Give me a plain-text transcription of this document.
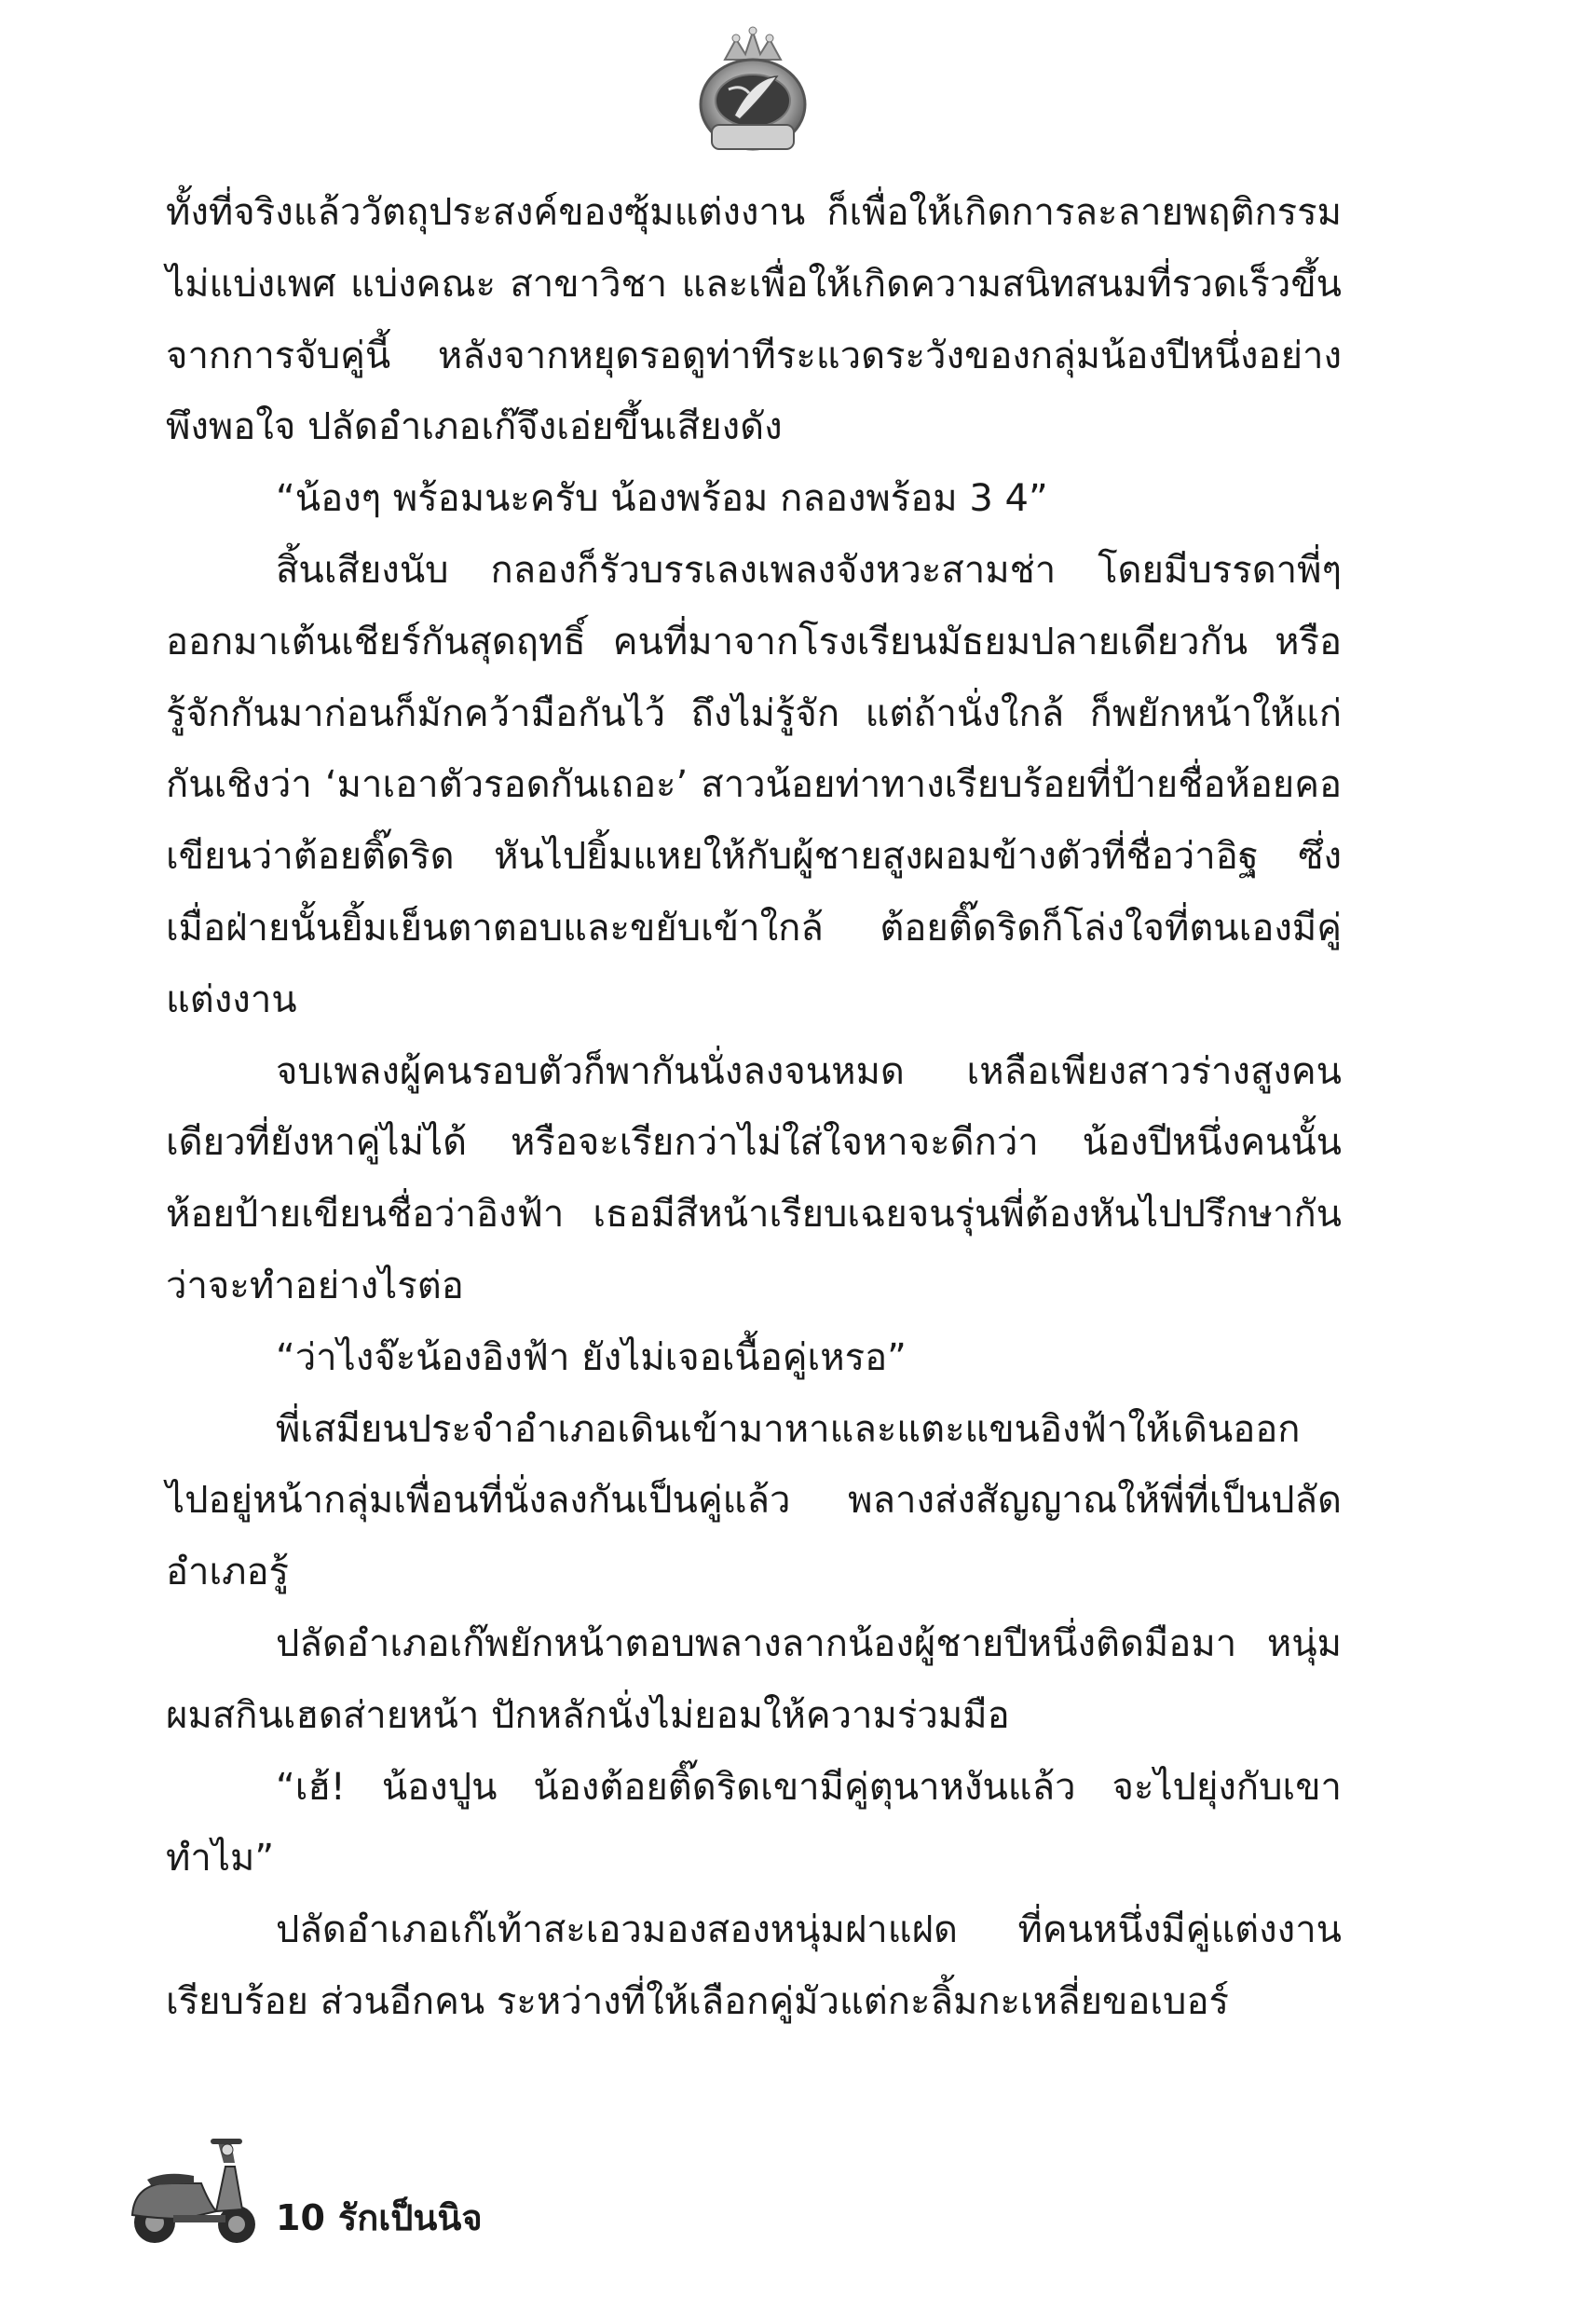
ทั้งที่จริงแล้ววัตถุประสงค์ของซุ้มแต่งงาน ก็เพื่อให้เกิดการละลายพฤติกรรม ไม่แบ่งเพศ แบ่งคณะ สาขาวิชา และเพื่อให้เกิดความสนิทสนมที่รวดเร็วขึ้นจากการจับคู่นี้ หลังจากหยุดรอดูท่าทีระแวดระวังของกลุ่มน้องปีหนึ่งอย่างพึงพอใจ ปลัดอำเภอเก๊จึงเอ่ยขึ้นเสียงดัง

“น้องๆ พร้อมนะครับ น้องพร้อม กลองพร้อม 3 4”

สิ้นเสียงนับ กลองก็รัวบรรเลงเพลงจังหวะสามช่า โดยมีบรรดาพี่ๆ ออกมาเต้นเชียร์กันสุดฤทธิ์ คนที่มาจากโรงเรียนมัธยมปลายเดียวกัน หรือรู้จักกันมาก่อนก็มักคว้ามือกันไว้ ถึงไม่รู้จัก แต่ถ้านั่งใกล้ ก็พยักหน้าให้แก่กันเชิงว่า ‘มาเอาตัวรอดกันเถอะ’ สาวน้อยท่าทางเรียบร้อยที่ป้ายชื่อห้อยคอเขียนว่าต้อยติ๊ดริด หันไปยิ้มแหยให้กับผู้ชายสูงผอมข้างตัวที่ชื่อว่าอิฐ ซึ่งเมื่อฝ่ายนั้นยิ้มเย็นตาตอบและขยับเข้าใกล้ ต้อยติ๊ดริดก็โล่งใจที่ตนเองมีคู่แต่งงาน

จบเพลงผู้คนรอบตัวก็พากันนั่งลงจนหมด เหลือเพียงสาวร่างสูงคนเดียวที่ยังหาคู่ไม่ได้ หรือจะเรียกว่าไม่ใส่ใจหาจะดีกว่า น้องปีหนึ่งคนนั้นห้อยป้ายเขียนชื่อว่าอิงฟ้า เธอมีสีหน้าเรียบเฉยจนรุ่นพี่ต้องหันไปปรึกษากันว่าจะทำอย่างไรต่อ

“ว่าไงจ๊ะน้องอิงฟ้า ยังไม่เจอเนื้อคู่เหรอ”

พี่เสมียนประจำอำเภอเดินเข้ามาหาและแตะแขนอิงฟ้าให้เดินออกไปอยู่หน้ากลุ่มเพื่อนที่นั่งลงกันเป็นคู่แล้ว พลางส่งสัญญาณให้พี่ที่เป็นปลัดอำเภอรู้

ปลัดอำเภอเก๊พยักหน้าตอบพลางลากน้องผู้ชายปีหนึ่งติดมือมา หนุ่มผมสกินเฮดส่ายหน้า ปักหลักนั่งไม่ยอมให้ความร่วมมือ

“เฮ้! น้องปูน น้องต้อยติ๊ดริดเขามีคู่ตุนาหงันแล้ว จะไปยุ่งกับเขาทำไม”

ปลัดอำเภอเก๊เท้าสะเอวมองสองหนุ่มฝาแฝด ที่คนหนึ่งมีคู่แต่งงานเรียบร้อย ส่วนอีกคน ระหว่างที่ให้เลือกคู่มัวแต่กะลิ้มกะเหลี่ยขอเบอร์

10 รักเป็นนิจ
